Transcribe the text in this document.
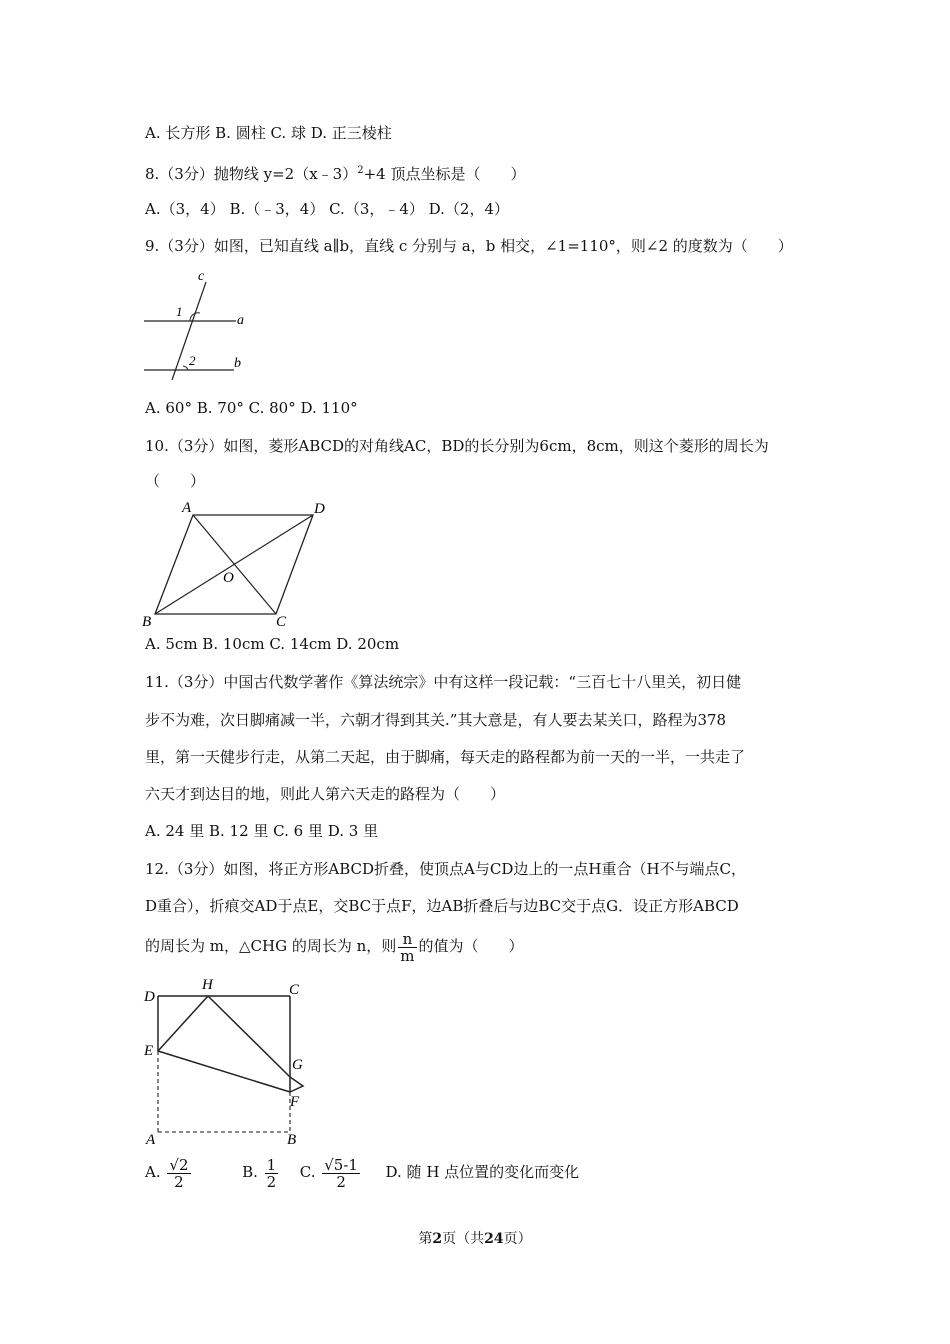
A. 长方形 B. 圆柱 C. 球 D. 正三棱柱
8.（3分）抛物线 y=2（x﹣3）$^2$+4 顶点坐标是（　　）
A.（3，4） B.（﹣3，4） C.（3，﹣4） D.（2，4）
9.（3分）如图，已知直线 a∥b，直线 c 分别与 a，b 相交，∠1=110°，则∠2 的度数为（　　）
c
a
b
1
2
A. 60° B. 70° C. 80° D. 110°
10.（3分）如图，菱形ABCD的对角线AC，BD的长分别为6cm，8cm，则这个菱形的周长为
（　　）
A	D
B	C
O
A. 5cm B. 10cm C. 14cm D. 20cm
11.（3分）中国古代数学著作《算法统宗》中有这样一段记载：“三百七十八里关，初日健
步不为难，次日脚痛减一半，六朝才得到其关.”其大意是，有人要去某关口，路程为378
里，第一天健步行走，从第二天起，由于脚痛，每天走的路程都为前一天的一半，一共走了
六天才到达目的地，则此人第六天走的路程为（　　）
A. 24 里 B. 12 里 C. 6 里 D. 3 里
12.（3分）如图，将正方形ABCD折叠，使顶点A与CD边上的一点H重合（H不与端点C，
D重合），折痕交AD于点E，交BC于点F，边AB折叠后与边BC交于点G．设正方形ABCD
的周长为 m，△CHG 的周长为 n，则 $\frac{n}{m}$ 的值为（　　）
D
H	C
E
G
F
A	B
A. $\frac{√2}{2}$	B. $\frac{1}{2} C$. $\frac{√5-1}{2} D$. 随 H 点位置的变化而变化
第2页（共24页）
